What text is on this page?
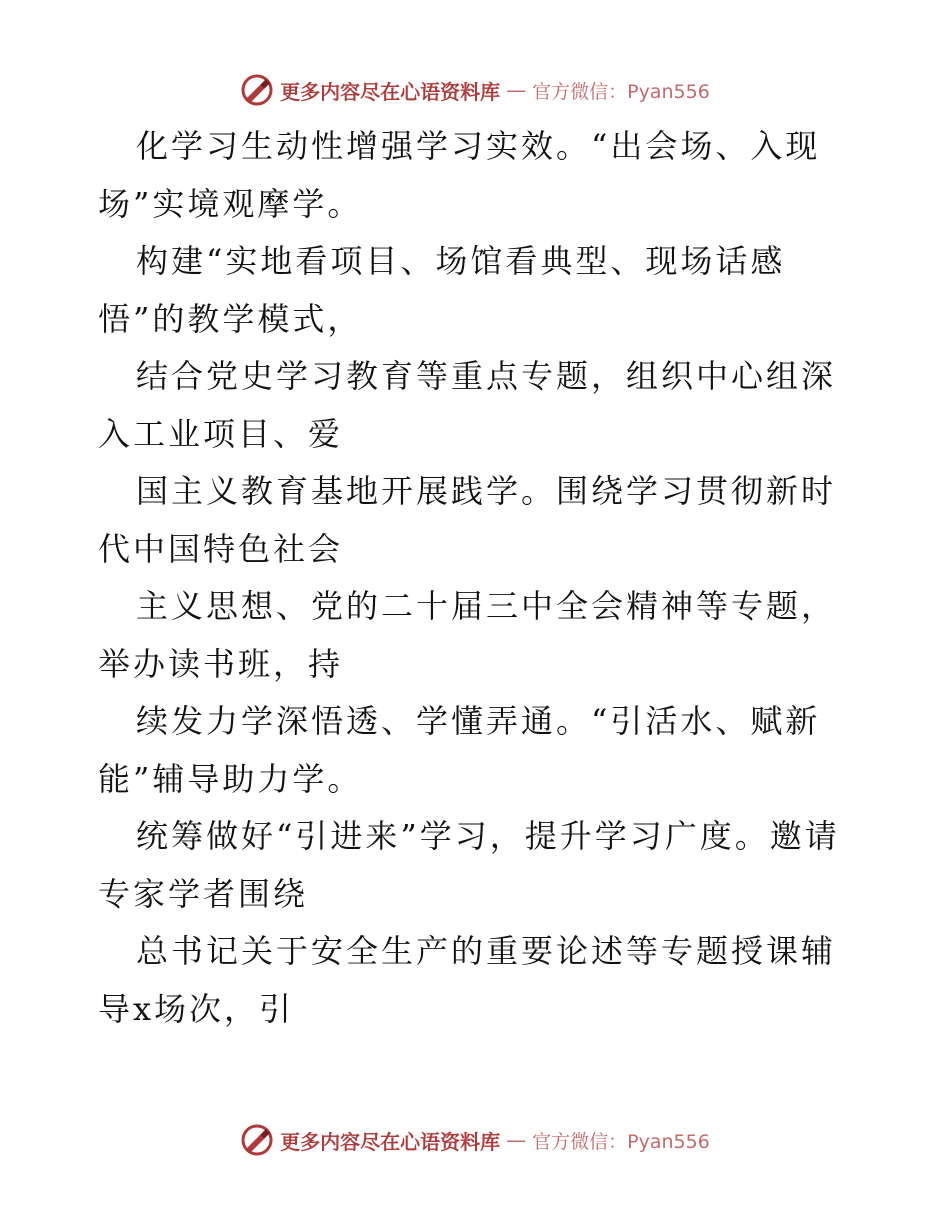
更多内容尽在心语资料库 — 官方微信：Pyan556

化学习生动性增强学习实效。“出会场、入现场”实境观摩学。

构建“实地看项目、场馆看典型、现场话感悟”的教学模式，

结合党史学习教育等重点专题，组织中心组深入工业项目、爱

国主义教育基地开展践学。围绕学习贯彻新时代中国特色社会

主义思想、党的二十届三中全会精神等专题，举办读书班，持

续发力学深悟透、学懂弄通。“引活水、赋新能”辅导助力学。

统筹做好“引进来”学习，提升学习广度。邀请专家学者围绕

总书记关于安全生产的重要论述等专题授课辅导x场次，引

更多内容尽在心语资料库 — 官方微信：Pyan556
